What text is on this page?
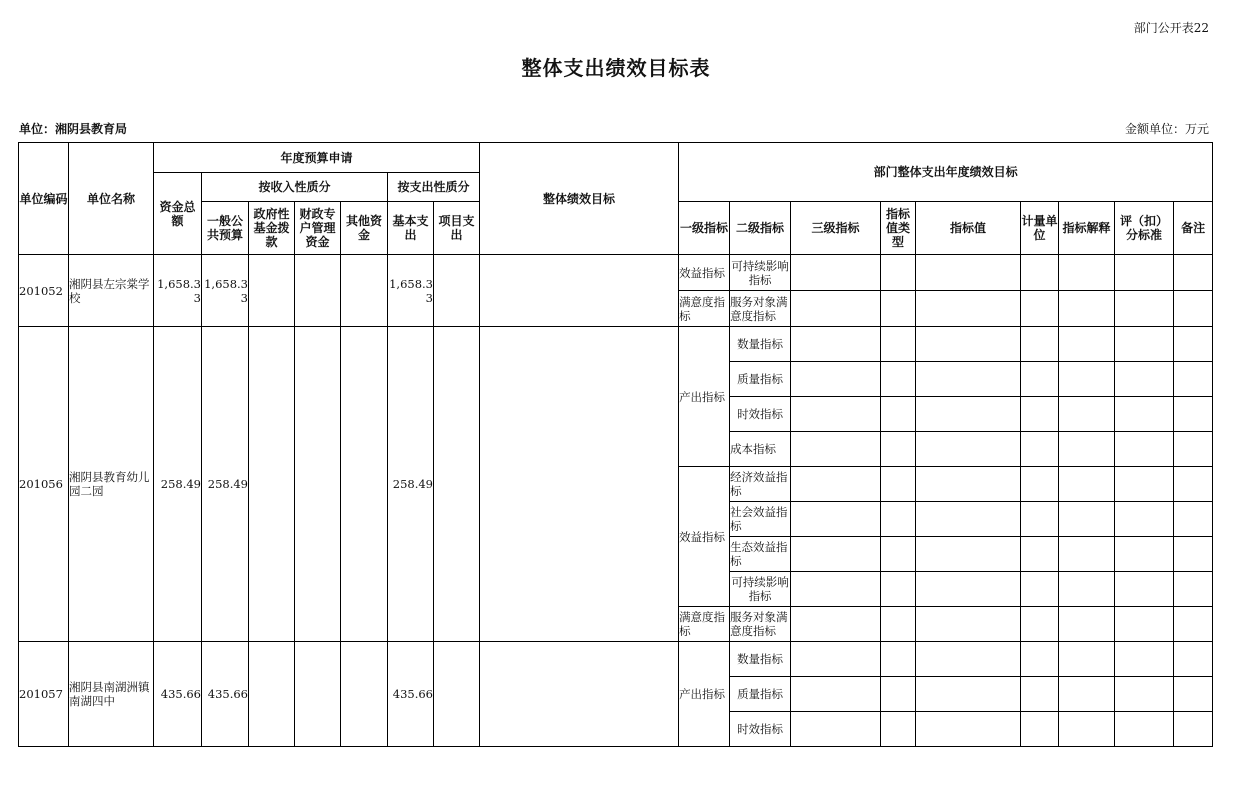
部门公开表22
整体支出绩效目标表
单位：湘阴县教育局	金额单位：万元
单位编码	单位名称	年度预算申请							整体绩效目标	部门整体支出年度绩效目标								
		资金总额	按收入性质分				按支出性质分											
			一般公共预算	政府性基金拨款	财政专户管理资金	其他资金	基本支出	项目支出		一级指标	二级指标	三级指标	指标值类型	指标值	计量单位	指标解释	评（扣）分标准	备注
201052	湘阴县左宗棠学校	1,658.33	1,658.33				1,658.33			效益指标	可持续影响指标							
										满意度指标	服务对象满意度指标							
201056	湘阴县教育幼儿园二园	258.49	258.49				258.49			产出指标	数量指标							
											质量指标							
											时效指标							
											成本指标							
										效益指标	经济效益指标							
											社会效益指标							
											生态效益指标							
											可持续影响指标							
										满意度指标	服务对象满意度指标							
201057	湘阴县南湖洲镇南湖四中	435.66	435.66				435.66			产出指标	数量指标							
											质量指标							
											时效指标							
